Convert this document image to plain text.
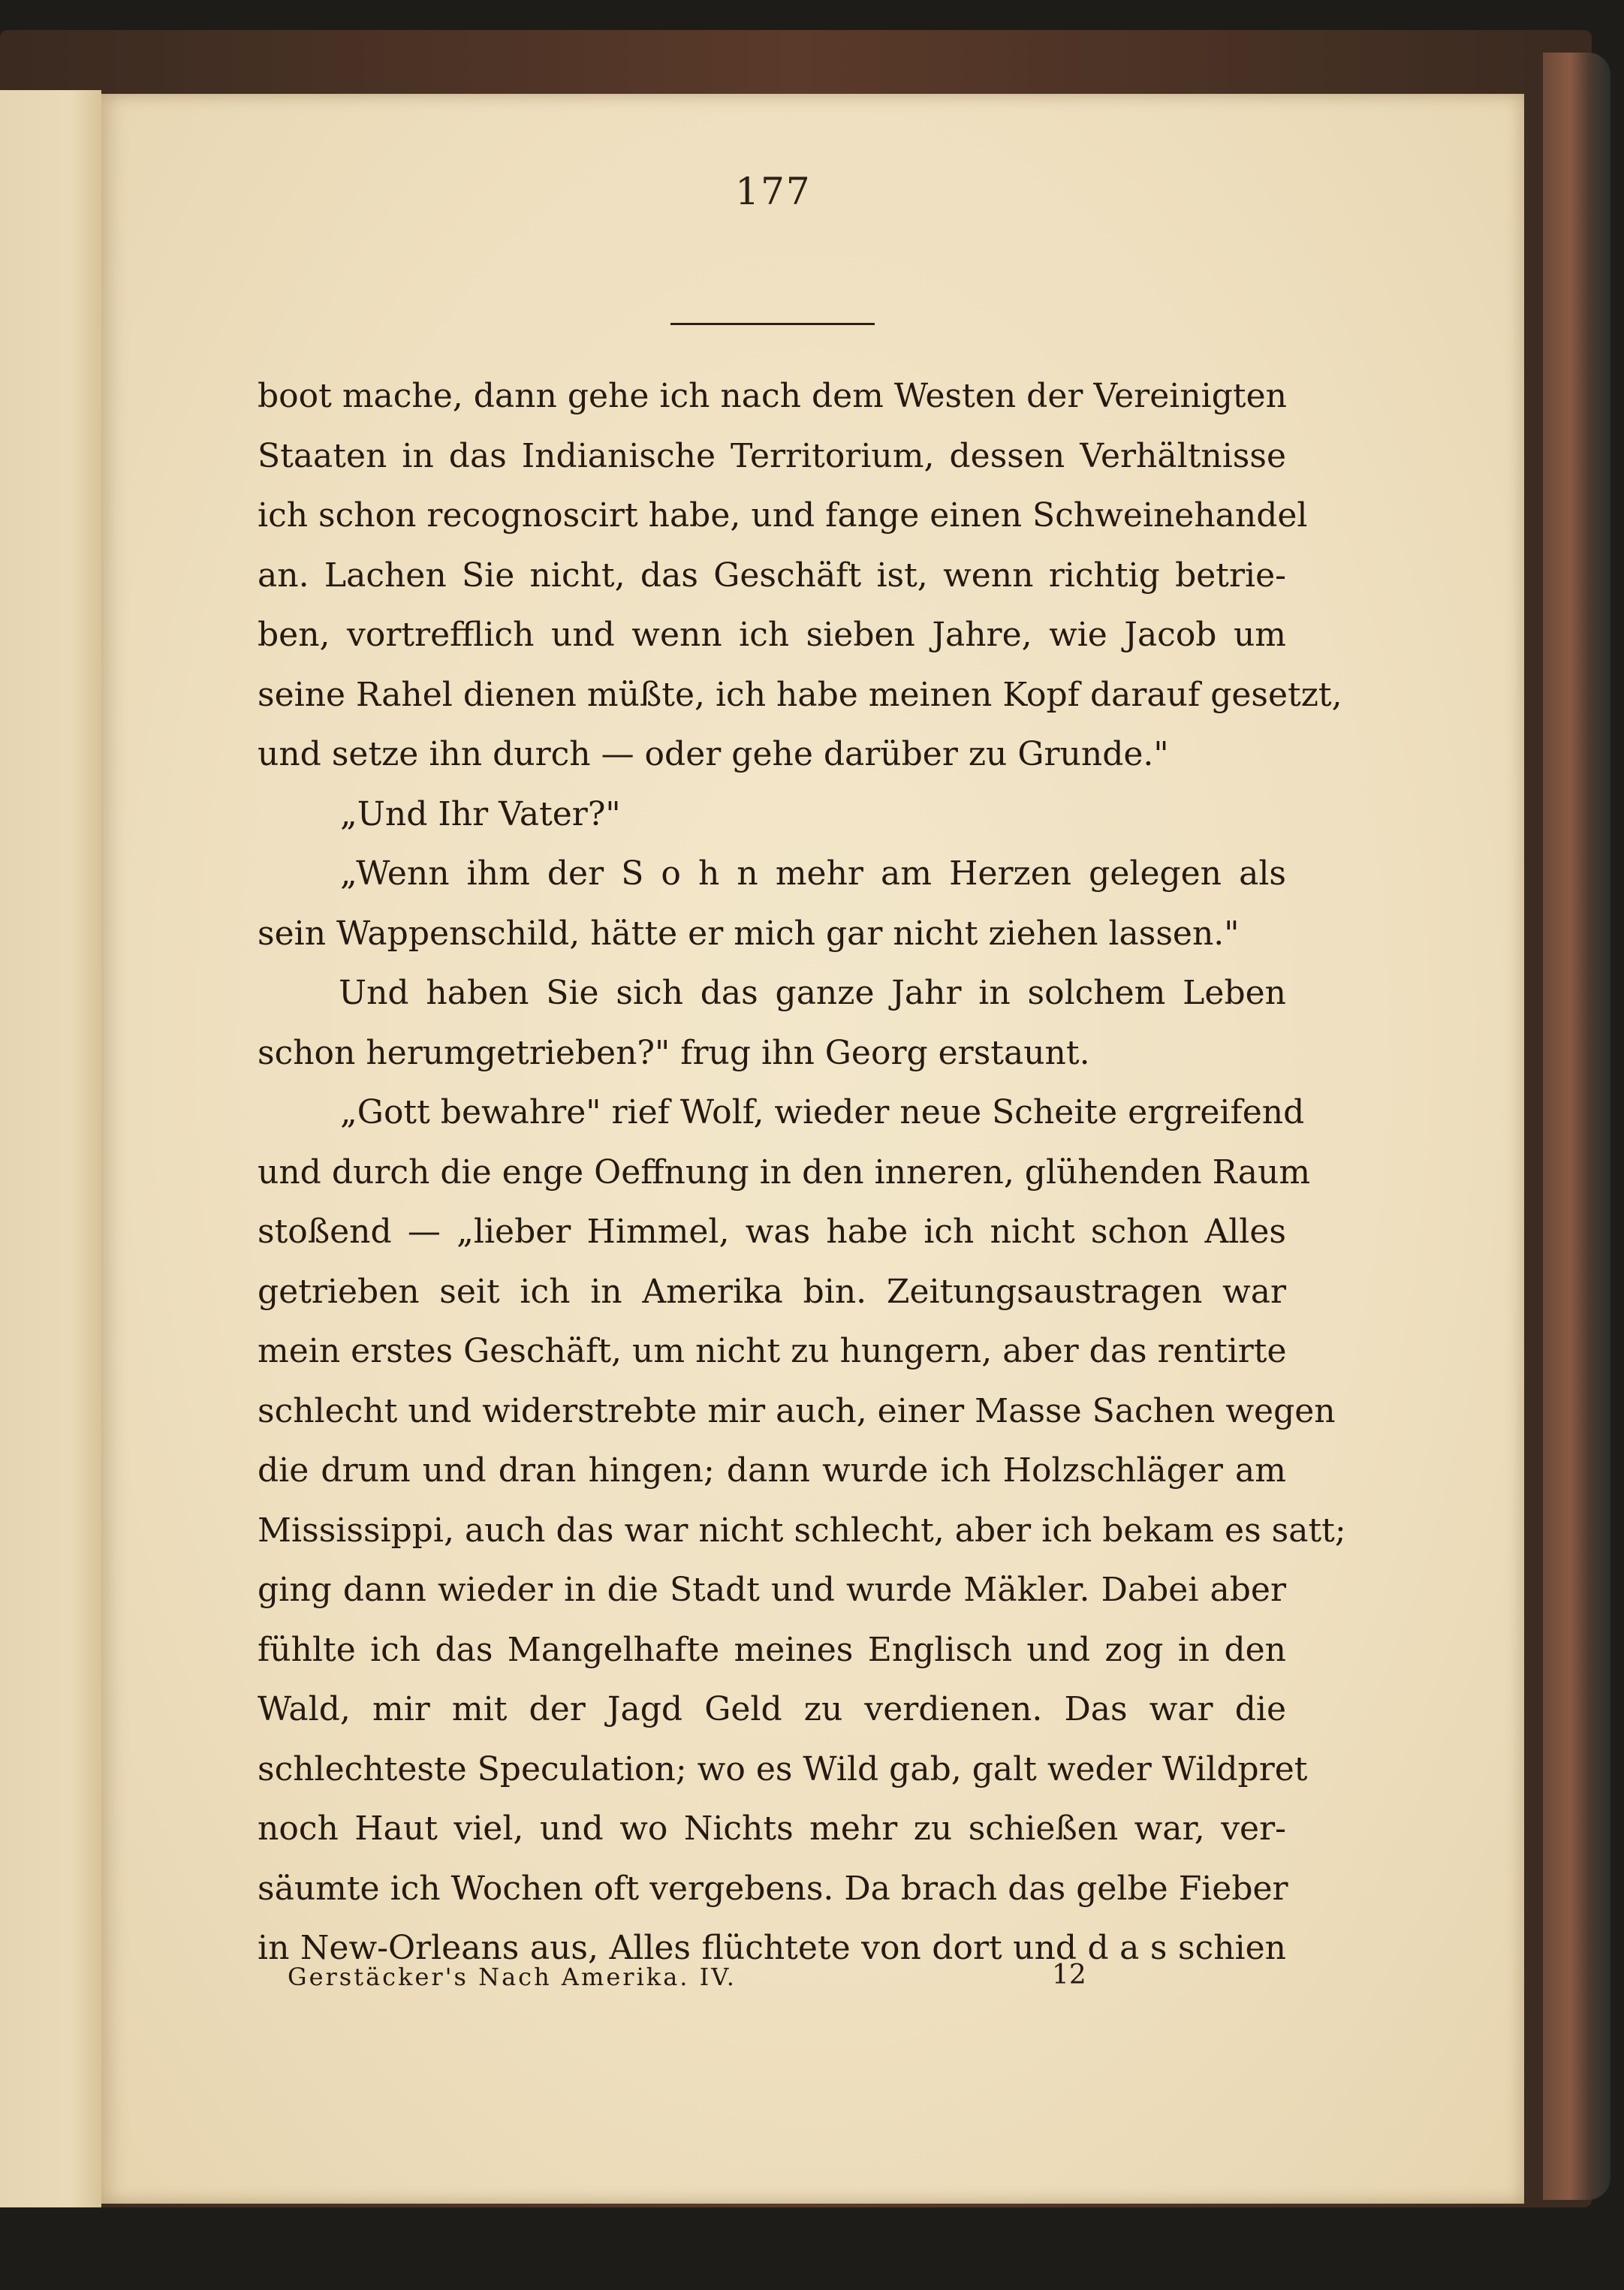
177
boot mache, dann gehe ich nach dem Westen der Vereinigten
Staaten in das Indianische Territorium, dessen Verhältnisse
ich schon recognoscirt habe, und fange einen Schweinehandel
an. Lachen Sie nicht, das Geschäft ist, wenn richtig betrie-
ben, vortrefflich und wenn ich sieben Jahre, wie Jacob um
seine Rahel dienen müßte, ich habe meinen Kopf darauf gesetzt,
und setze ihn durch — oder gehe darüber zu Grunde."
„Und Ihr Vater?"
„Wenn ihm der S o h n mehr am Herzen gelegen als
sein Wappenschild, hätte er mich gar nicht ziehen lassen."
Und haben Sie sich das ganze Jahr in solchem Leben
schon herumgetrieben?" frug ihn Georg erstaunt.
„Gott bewahre" rief Wolf, wieder neue Scheite ergreifend
und durch die enge Oeffnung in den inneren, glühenden Raum
stoßend — „lieber Himmel, was habe ich nicht schon Alles
getrieben seit ich in Amerika bin. Zeitungsaustragen war
mein erstes Geschäft, um nicht zu hungern, aber das rentirte
schlecht und widerstrebte mir auch, einer Masse Sachen wegen
die drum und dran hingen; dann wurde ich Holzschläger am
Mississippi, auch das war nicht schlecht, aber ich bekam es satt;
ging dann wieder in die Stadt und wurde Mäkler. Dabei aber
fühlte ich das Mangelhafte meines Englisch und zog in den
Wald, mir mit der Jagd Geld zu verdienen. Das war die
schlechteste Speculation; wo es Wild gab, galt weder Wildpret
noch Haut viel, und wo Nichts mehr zu schießen war, ver-
säumte ich Wochen oft vergebens. Da brach das gelbe Fieber
in New-Orleans aus, Alles flüchtete von dort und d a s schien
Gerstäcker's Nach Amerika. IV.	12
